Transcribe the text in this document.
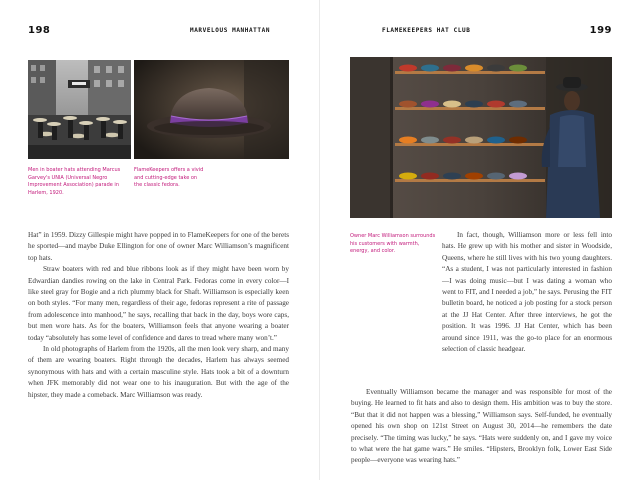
198	MARVELOUS MANHATTAN
Men in boater hats attending Marcus Garvey's UNIA (Universal Negro Improvement Association) parade in Harlem, 1920.
FlameKeepers offers a vivid and cutting-edge take on the classic fedora.

Hat” in 1959. Dizzy Gillespie might have popped in to FlameKeepers for one of the berets he sported—and maybe Duke Ellington for one of owner Marc Williamson’s magnificent top hats.

Straw boaters with red and blue ribbons look as if they might have been worn by Edwardian dandies rowing on the lake in Central Park. Fedoras come in every color—I like steel gray for Bogie and a rich plummy black for Shaft. Williamson is especially keen on both styles. “For many men, regardless of their age, fedoras represent a rite of passage from adolescence into manhood,” he says, recalling that back in the day, boys wore caps, but men wore hats. As for the boaters, Williamson feels that anyone wearing a boater today “absolutely has some level of confidence and dares to tread where many won’t.”

In old photographs of Harlem from the 1920s, all the men look very sharp, and many of them are wearing boaters. Right through the decades, Harlem has always seemed synonymous with hats and with a certain masculine style. Hats took a bit of a downturn when JFK memorably did not wear one to his inauguration. But with the age of the hipster, they made a comeback. Marc Williamson was ready.

199
FLAMEKEEPERS HAT CLUB
Owner Marc Williamson surrounds his customers with warmth, energy, and color.

In fact, though, Williamson more or less fell into hats. He grew up with his mother and sister in Woodside, Queens, where he still lives with his two young daughters. “As a student, I was not particularly interested in fashion—I was doing music—but I was dating a woman who went to FIT, and I needed a job,” he says. Perusing the FIT bulletin board, he noticed a job posting for a stock person at the JJ Hat Center. After three interviews, he got the position. It was 1996. JJ Hat Center, which has been around since 1911, was the go-to place for an enormous selection of classic headgear.

Eventually Williamson became the manager and was responsible for most of the buying. He learned to fit hats and also to design them. His ambition was to buy the store. “But that it did not happen was a blessing,” Williamson says. Self-funded, he eventually opened his own shop on 121st Street on August 30, 2014—he remembers the date precisely. “The timing was lucky,” he says. “Hats were suddenly on, and I gave my voice to what were the hat game wars.” He smiles. “Hipsters, Brooklyn folk, Lower East Side people—everyone was wearing hats.”
